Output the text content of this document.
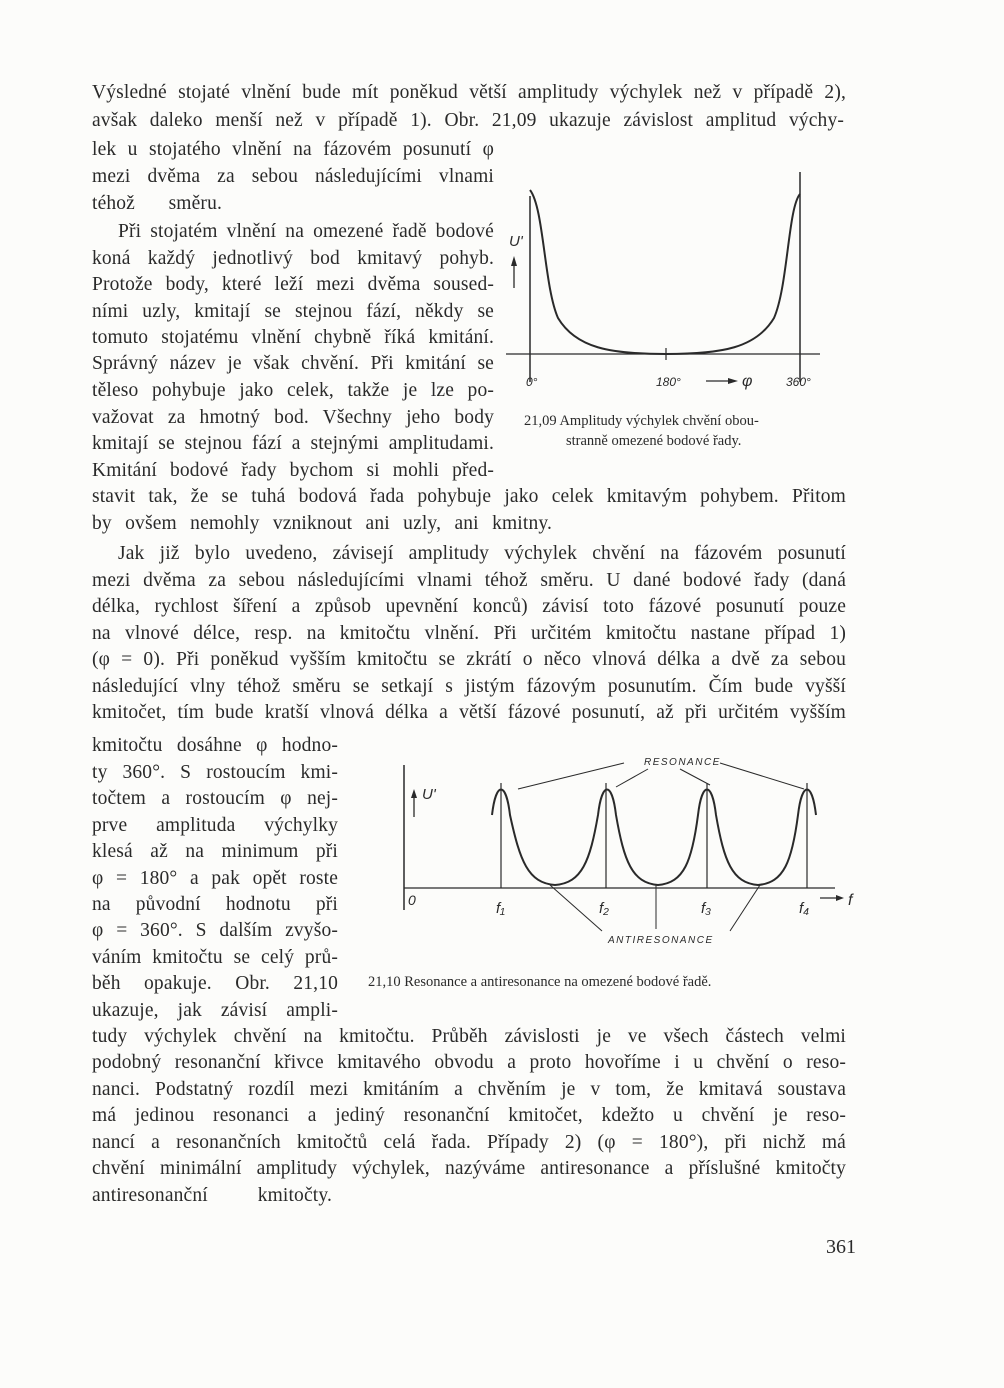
Výsledné stojaté vlnění bude mít poněkud větší amplitudy výchylek než v případě 2),
avšak daleko menší než v případě 1). Obr. 21,09 ukazuje závislost amplitud výchy-
lek u stojatého vlnění na fázovém posunutí φ
mezi dvěma za sebou následujícími vlnami
téhož směru.
Při stojatém vlnění na omezené řadě bodové
koná každý jednotlivý bod kmitavý pohyb.
Protože body, které leží mezi dvěma soused-
ními uzly, kmitají se stejnou fází, někdy se
tomuto stojatému vlnění chybně říká kmitání.
Správný název je však chvění. Při kmitání se
těleso pohybuje jako celek, takže je lze po-
važovat za hmotný bod. Všechny jeho body
kmitají se stejnou fází a stejnými amplitudami.
Kmitání bodové řady bychom si mohli před-
stavit tak, že se tuhá bodová řada pohybuje jako celek kmitavým pohybem. Přitom
by ovšem nemohly vzniknout ani uzly, ani kmitny.
Jak již bylo uvedeno, závisejí amplitudy výchylek chvění na fázovém posunutí
mezi dvěma za sebou následujícími vlnami téhož směru. U dané bodové řady (daná
délka, rychlost šíření a způsob upevnění konců) závisí toto fázové posunutí pouze
na vlnové délce, resp. na kmitočtu vlnění. Při určitém kmitočtu nastane případ 1)
(φ = 0). Při poněkud vyšším kmitočtu se zkrátí o něco vlnová délka a dvě za sebou
následující vlny téhož směru se setkají s jistým fázovým posunutím. Čím bude vyšší
kmitočet, tím bude kratší vlnová délka a větší fázové posunutí, až při určitém vyšším
kmitočtu dosáhne φ hodno-
ty 360°. S rostoucím kmi-
točtem a rostoucím φ nej-
prve amplituda výchylky
klesá až na minimum při
φ = 180° a pak opět roste
na původní hodnotu při
φ = 360°. S dalším zvyšo-
váním kmitočtu se celý prů-
běh opakuje. Obr. 21,10
ukazuje, jak závisí ampli-
tudy výchylek chvění na kmitočtu. Průběh závislosti je ve všech částech velmi
podobný resonanční křivce kmitavého obvodu a proto hovoříme i u chvění o reso-
nanci. Podstatný rozdíl mezi kmitáním a chvěním je v tom, že kmitavá soustava
má jedinou resonanci a jediný resonanční kmitočet, kdežto u chvění je reso-
nancí a resonančních kmitočtů celá řada. Případy 2) (φ = 180°), při nichž má
chvění minimální amplitudy výchylek, nazýváme antiresonance a příslušné kmitočty
antiresonanční kmitočty.
U'
0°	180°	φ	360°
21,09 Amplitudy výchylek chvění obou-
stranně omezené bodové řady.
U'
RESONANCE
0	f₁	f₂	f₃	f₄ f
ANTIRESONANCE
21,10 Resonance a antiresonance na omezené bodové řadě.
361
